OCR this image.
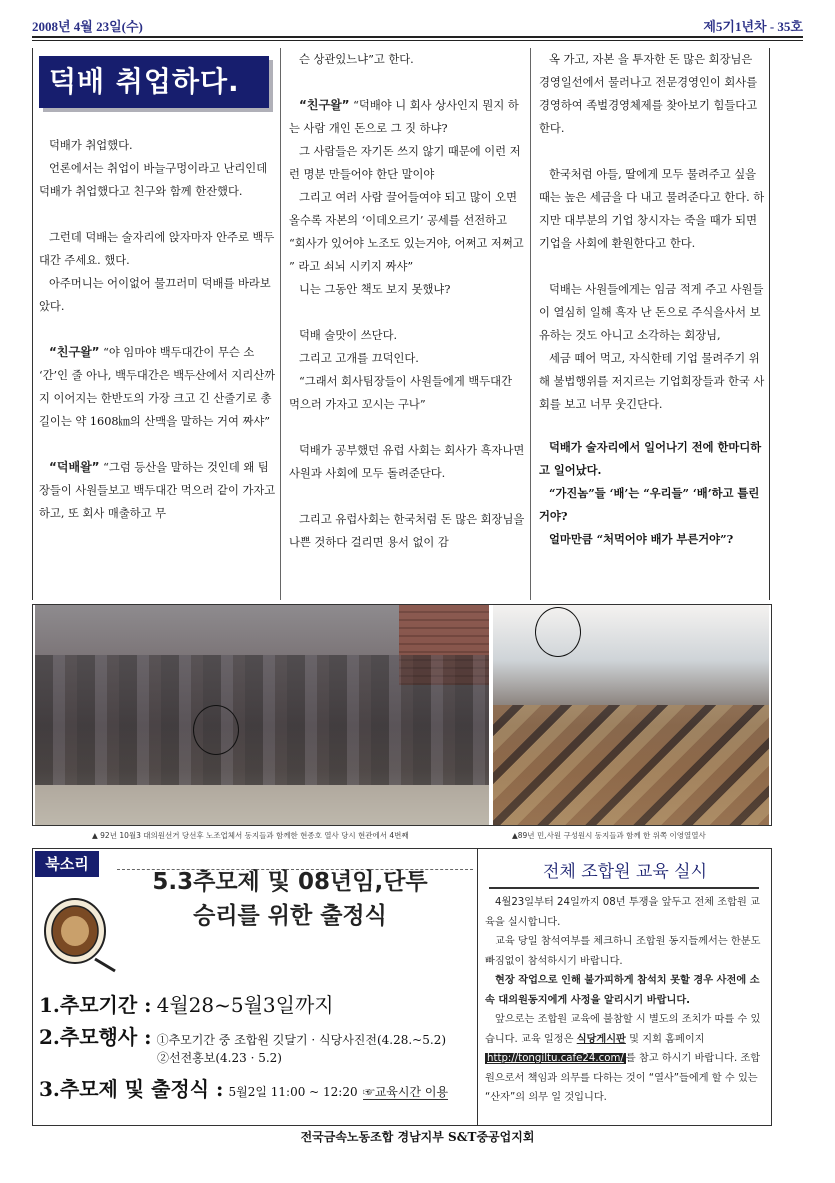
2008년 4월 23일(수)	제5기1년차 - 35호
덕배 취업하다.

덕배가 취업했다.

언론에서는 취업이 바늘구멍이라고 난리인데 덕배가 취업했다고 친구와 함께 한잔했다.

그런데 덕배는 술자리에 앉자마자 안주로 백두대간 주세요. 했다.

아주머니는 어이없어 물끄러미 덕배를 바라보았다.

“친구왈” “야 임마야 백두대간이 무슨 소 ‘간’인 줄 아나, 백두대간은 백두산에서 지리산까지 이어지는 한반도의 가장 크고 긴 산줄기로 총 길이는 약 1608㎞의 산맥을 말하는 거여 짜샤”

“덕배왈” “그럼 등산을 말하는 것인데 왜 팀장들이 사원들보고 백두대간 먹으러 같이 가자고 하고, 또 회사 매출하고 무

슨 상관있느냐”고 한다.

“친구왈” “덕배야 니 회사 상사인지 뭔지 하는 사람 개인 돈으로 그 짓 하냐?

그 사람들은 자기돈 쓰지 않기 때문에 이런 저런 명분 만들어야 한단 말이야

그리고 여러 사람 끌어들여야 되고 많이 오면 올수록 자본의 ‘이데오르기’ 공세를 선전하고 “회사가 있어야 노조도 있는거야, 어쩌고 저쩌고 ” 라고 쇠뇌 시키지 짜샤”

니는 그동안 책도 보지 못했냐?

덕배 술맛이 쓰단다.

그리고 고개를 끄덕인다.

“그래서 회사팀장들이 사원들에게 백두대간 먹으러 가자고 꼬시는 구나”

덕배가 공부했던 유럽 사회는 회사가 흑자나면 사원과 사회에 모두 돌려준단다.

그리고 유럽사회는 한국처럼 돈 많은 회장님을 나쁜 것하다 걸리면 용서 없이 감

옥 가고, 자본 을 투자한 돈 많은 회장님은 경영일선에서 물러나고 전문경영인이 회사를 경영하여 족벌경영체제를 찾아보기 힘들다고 한다.

한국처럼 아들, 딸에게 모두 물려주고 싶을 때는 높은 세금을 다 내고 물려준다고 한다. 하지만 대부분의 기업 창시자는 죽을 때가 되면 기업을 사회에 환원한다고 한다.

덕배는 사원들에게는 임금 적게 주고 사원들이 열심히 일해 흑자 난 돈으로 주식을사서 보유하는 것도 아니고 소각하는 회장님,

세금 떼어 먹고, 자식한테 기업 물려주기 위해 불법행위를 저지르는 기업회장들과 한국 사회를 보고 너무 웃긴단다.

덕배가 술자리에서 일어나기 전에 한마디하고 일어났다.

“가진놈”들 ‘배’는 “우리들” ‘배’하고 틀린 거야?

얼마만큼 “처먹어야 배가 부른거야”?

▲ 92년 10월3 대의원선거 당선후 노조업체서 동지들과 함께한 현종호 열사 당시 현관에서 4번째	▲89년 민,사원 구성원시 동지들과 함께 한 위쪽 이영열열사
북소리
5.3추모제 및 08년임,단투
승리를 위한 출정식
1.추모기간 : 4월28~5월3일까지
2.추모행사 : ①추모기간 중 조합원 깃달기 · 식당사진전(4.28.~5.2)
②선전홍보(4.23 · 5.2)
3.추모제 및 출정식 : 5월2일 11:00 ~ 12:20 ☞교육시간 이용
전체 조합원 교육 실시

4월23일부터 24일까지 08년 투쟁을 앞두고 전체 조합원 교육을 실시합니다.

교육 당일 참석여부를 체크하니 조합원 동지들께서는 한분도 빠짐없이 참석하시기 바랍니다.

현장 작업으로 인해 불가피하게 참석치 못할 경우 사전에 소속 대의원동지에게 사정을 알리시기 바랍니다.

앞으로는 조합원 교육에 불참할 시 별도의 조치가 따를 수 있습니다. 교육 일정은 식당게시판 및 지회 홈페이지 http://tongiltu.cafe24.com/ 를 참고 하시기 바랍니다. 조합원으로서 책임과 의무를 다하는 것이 “열사”들에게 할 수 있는 “산자”의 의무 일 것입니다.

전국금속노동조합 경남지부 S&T중공업지회
